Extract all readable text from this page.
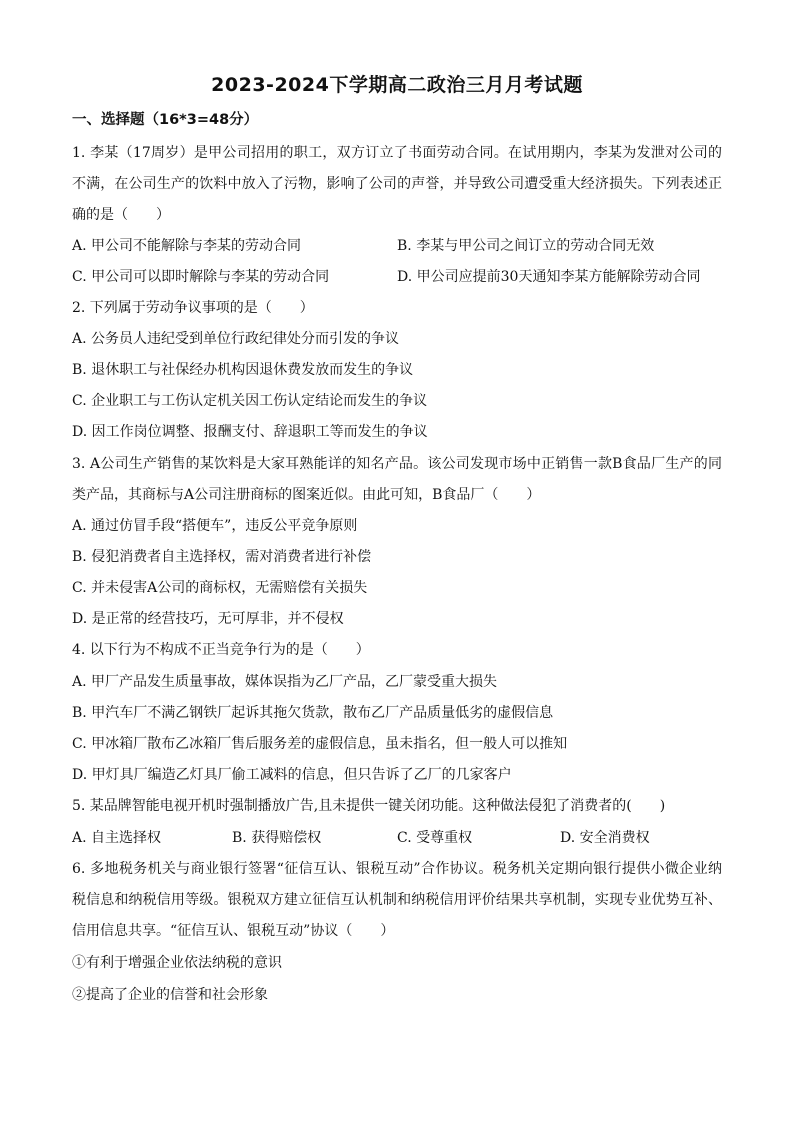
2023-2024下学期高二政治三月月考试题
一、选择题（16*3=48分）
1. 李某（17周岁）是甲公司招用的职工，双方订立了书面劳动合同。在试用期内，李某为发泄对公司的
不满，在公司生产的饮料中放入了污物，影响了公司的声誉，并导致公司遭受重大经济损失。下列表述正
确的是（　　）
A. 甲公司不能解除与李某的劳动合同	B. 李某与甲公司之间订立的劳动合同无效
C. 甲公司可以即时解除与李某的劳动合同	D. 甲公司应提前30天通知李某方能解除劳动合同
2. 下列属于劳动争议事项的是（　　）
A. 公务员人违纪受到单位行政纪律处分而引发的争议
B. 退休职工与社保经办机构因退休费发放而发生的争议
C. 企业职工与工伤认定机关因工伤认定结论而发生的争议
D. 因工作岗位调整、报酬支付、辞退职工等而发生的争议
3. A公司生产销售的某饮料是大家耳熟能详的知名产品。该公司发现市场中正销售一款B食品厂生产的同
类产品，其商标与A公司注册商标的图案近似。由此可知，B食品厂（　　）
A. 通过仿冒手段“搭便车”，违反公平竞争原则
B. 侵犯消费者自主选择权，需对消费者进行补偿
C. 并未侵害A公司的商标权，无需赔偿有关损失
D. 是正常的经营技巧，无可厚非，并不侵权
4. 以下行为不构成不正当竞争行为的是（　　）
A. 甲厂产品发生质量事故，媒体误指为乙厂产品，乙厂蒙受重大损失
B. 甲汽车厂不满乙钢铁厂起诉其拖欠货款，散布乙厂产品质量低劣的虚假信息
C. 甲冰箱厂散布乙冰箱厂售后服务差的虚假信息，虽未指名，但一般人可以推知
D. 甲灯具厂编造乙灯具厂偷工减料的信息，但只告诉了乙厂的几家客户
5. 某品牌智能电视开机时强制播放广告,且未提供一键关闭功能。这种做法侵犯了消费者的(　　)
A. 自主选择权	B. 获得赔偿权	C. 受尊重权	D. 安全消费权
6. 多地税务机关与商业银行签署“征信互认、银税互动”合作协议。税务机关定期向银行提供小微企业纳
税信息和纳税信用等级。银税双方建立征信互认机制和纳税信用评价结果共享机制，实现专业优势互补、
信用信息共享。“征信互认、银税互动”协议（　　）
①有利于增强企业依法纳税的意识
②提高了企业的信誉和社会形象
